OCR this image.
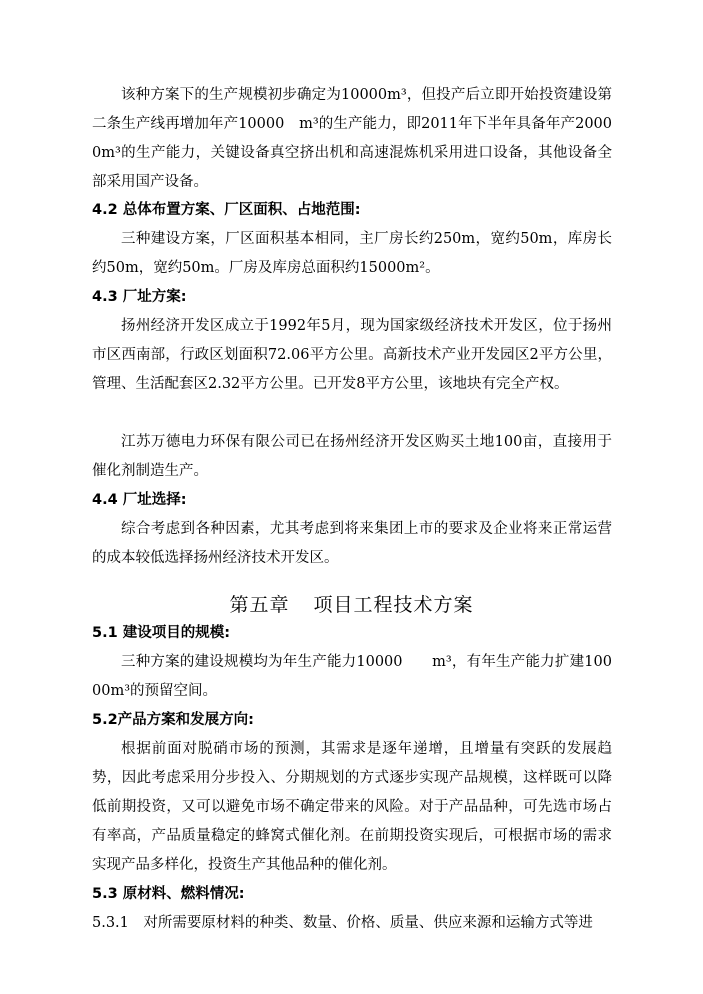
该种方案下的生产规模初步确定为10000m³，但投产后立即开始投资建设第二条生产线再增加年产10000　m³的生产能力，即2011年下半年具备年产20000m³的生产能力，关键设备真空挤出机和高速混炼机采用进口设备，其他设备全部采用国产设备。

4.2 总体布置方案、厂区面积、占地范围:

三种建设方案，厂区面积基本相同，主厂房长约250m，宽约50m，库房长约50m，宽约50m。厂房及库房总面积约15000m²。

4.3 厂址方案:

扬州经济开发区成立于1992年5月，现为国家级经济技术开发区，位于扬州市区西南部，行政区划面积72.06平方公里。高新技术产业开发园区2平方公里，管理、生活配套区2.32平方公里。已开发8平方公里，该地块有完全产权。

江苏万德电力环保有限公司已在扬州经济开发区购买土地100亩，直接用于催化剂制造生产。

4.4 厂址选择:

综合考虑到各种因素，尤其考虑到将来集团上市的要求及企业将来正常运营的成本较低选择扬州经济技术开发区。

第五章 项目工程技术方案

5.1 建设项目的规模:

三种方案的建设规模均为年生产能力10000　　m³，有年生产能力扩建10000m³的预留空间。

5.2产品方案和发展方向:

根据前面对脱硝市场的预测，其需求是逐年递增，且增量有突跃的发展趋势，因此考虑采用分步投入、分期规划的方式逐步实现产品规模，这样既可以降低前期投资，又可以避免市场不确定带来的风险。对于产品品种，可先选市场占有率高，产品质量稳定的蜂窝式催化剂。在前期投资实现后，可根据市场的需求实现产品多样化，投资生产其他品种的催化剂。

5.3 原材料、燃料情况:

5.3.1　对所需要原材料的种类、数量、价格、质量、供应来源和运输方式等进
